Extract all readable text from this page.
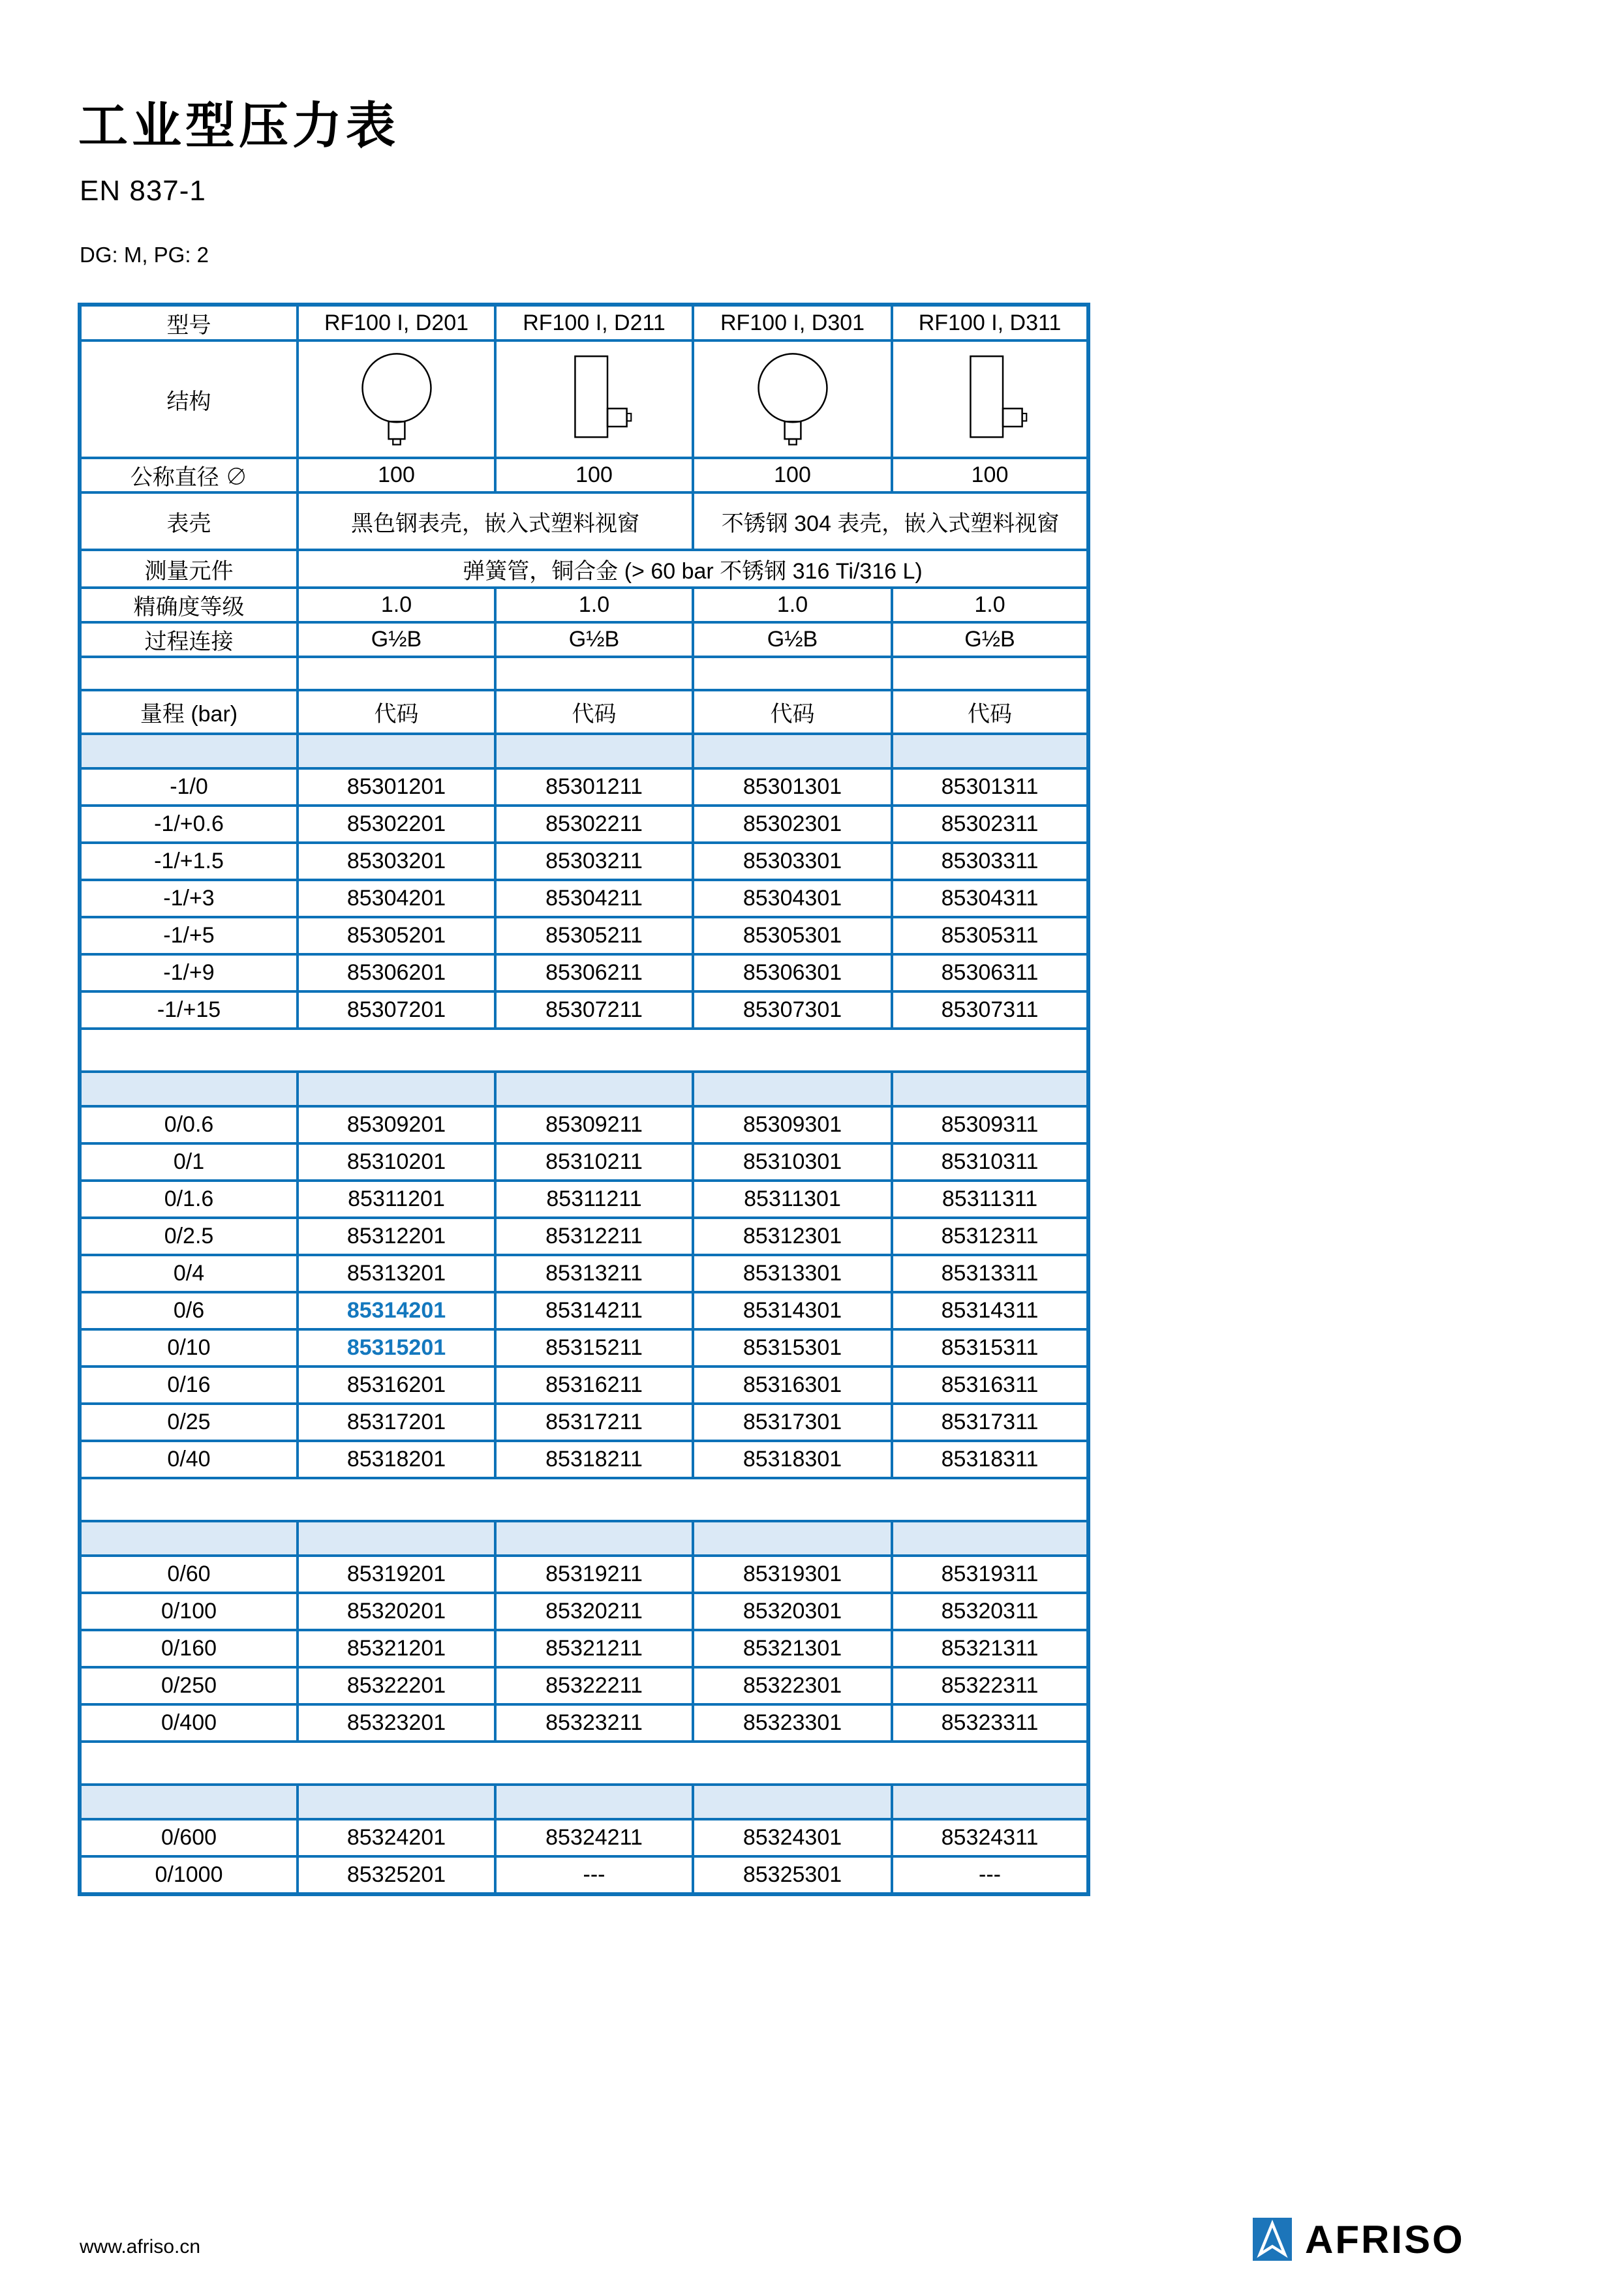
工业型压力表
EN 837-1
DG: M, PG: 2
型号	RF100 I, D201	RF100 I, D211	RF100 I, D301	RF100 I, D311
结构	

公称直径 ∅	100	100	100	100
表壳	黑色钢表壳，嵌入式塑料视窗		不锈钢 304 表壳，嵌入式塑料视窗	
测量元件	弹簧管，铜合金 (> 60 bar 不锈钢 316 Ti/316 L)			
精确度等级	1.0	1.0	1.0	1.0
过程连接	G½B	G½B	G½B	G½B

量程 (bar)	代码	代码	代码	代码

-1/0	85301201	85301211	85301301	85301311
-1/+0.6	85302201	85302211	85302301	85302311
-1/+1.5	85303201	85303211	85303301	85303311
-1/+3	85304201	85304211	85304301	85304311
-1/+5	85305201	85305211	85305301	85305311
-1/+9	85306201	85306211	85306301	85306311
-1/+15	85307201	85307211	85307301	85307311

0/0.6	85309201	85309211	85309301	85309311
0/1	85310201	85310211	85310301	85310311
0/1.6	85311201	85311211	85311301	85311311
0/2.5	85312201	85312211	85312301	85312311
0/4	85313201	85313211	85313301	85313311
0/6	85314201	85314211	85314301	85314311
0/10	85315201	85315211	85315301	85315311
0/16	85316201	85316211	85316301	85316311
0/25	85317201	85317211	85317301	85317311
0/40	85318201	85318211	85318301	85318311

0/60	85319201	85319211	85319301	85319311
0/100	85320201	85320211	85320301	85320311
0/160	85321201	85321211	85321301	85321311
0/250	85322201	85322211	85322301	85322311
0/400	85323201	85323211	85323301	85323311

0/600	85324201	85324211	85324301	85324311
0/1000	85325201	---	85325301	---
www.afriso.cn	AFRISO
